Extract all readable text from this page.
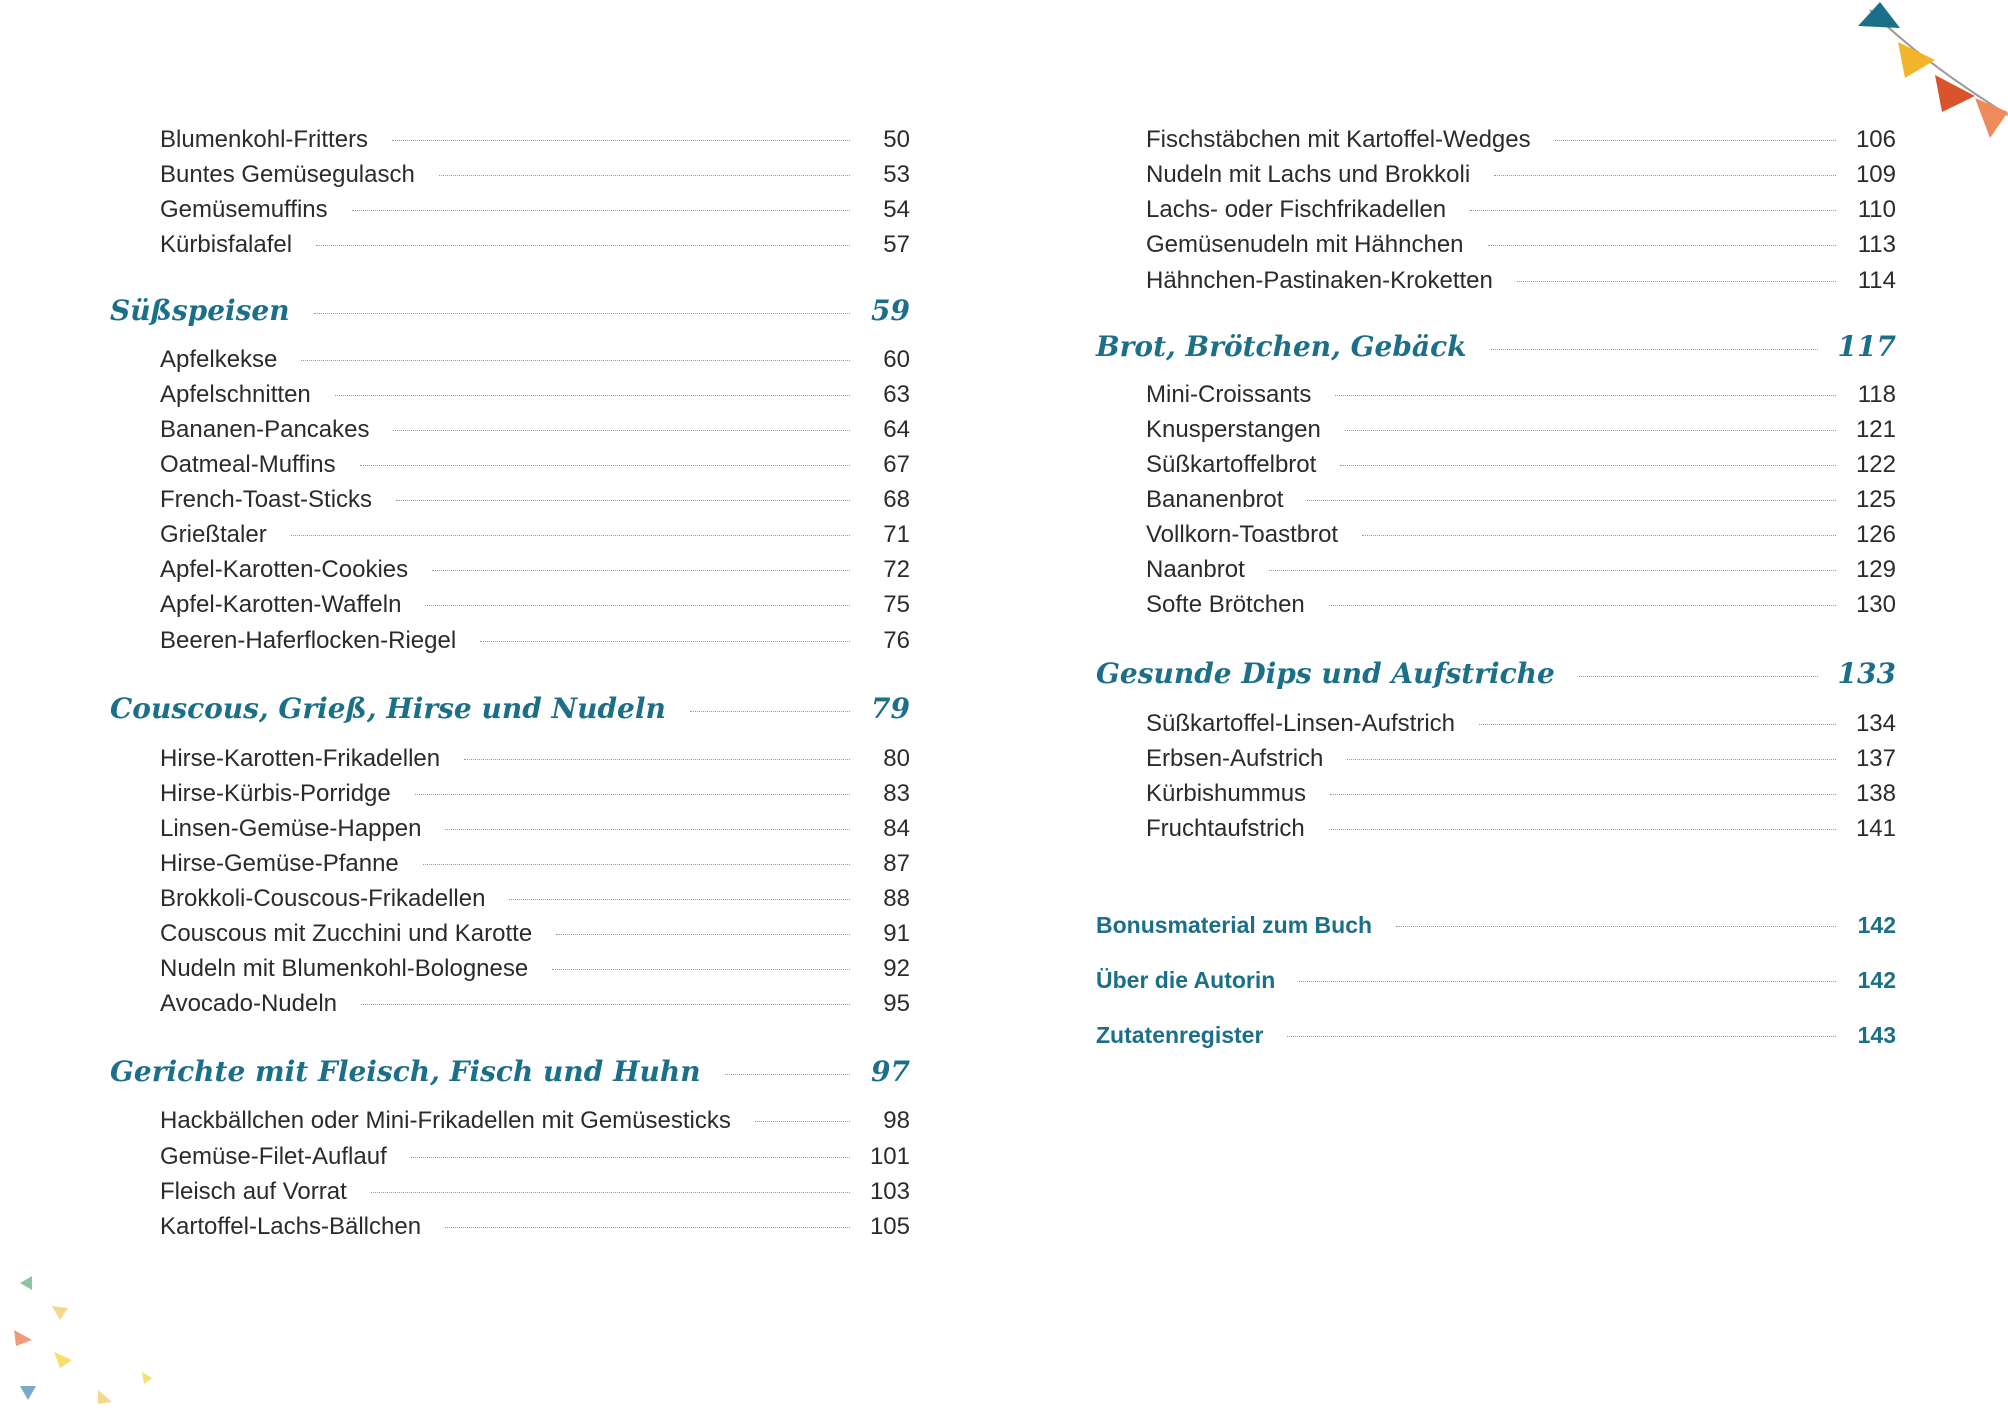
Blumenkohl-Fritters	50
Buntes Gemüsegulasch	53
Gemüsemuffins	54
Kürbisfalafel	57
Süßspeisen	59
Apfelkekse	60
Apfelschnitten	63
Bananen-Pancakes	64
Oatmeal-Muffins	67
French-Toast-Sticks	68
Grießtaler	71
Apfel-Karotten-Cookies	72
Apfel-Karotten-Waffeln	75
Beeren-Haferflocken-Riegel	76
Couscous, Grieß, Hirse und Nudeln	79
Hirse-Karotten-Frikadellen	80
Hirse-Kürbis-Porridge	83
Linsen-Gemüse-Happen	84
Hirse-Gemüse-Pfanne	87
Brokkoli-Couscous-Frikadellen	88
Couscous mit Zucchini und Karotte	91
Nudeln mit Blumenkohl-Bolognese	92
Avocado-Nudeln	95
Gerichte mit Fleisch, Fisch und Huhn	97
Hackbällchen oder Mini-Frikadellen mit Gemüsesticks	98
Gemüse-Filet-Auflauf	101
Fleisch auf Vorrat	103
Kartoffel-Lachs-Bällchen	105
Fischstäbchen mit Kartoffel-Wedges	106
Nudeln mit Lachs und Brokkoli	109
Lachs- oder Fischfrikadellen	110
Gemüsenudeln mit Hähnchen	113
Hähnchen-Pastinaken-Kroketten	114
Brot, Brötchen, Gebäck	117
Mini-Croissants	118
Knusperstangen	121
Süßkartoffelbrot	122
Bananenbrot	125
Vollkorn-Toastbrot	126
Naanbrot	129
Softe Brötchen	130
Gesunde Dips und Aufstriche	133
Süßkartoffel-Linsen-Aufstrich	134
Erbsen-Aufstrich	137
Kürbishummus	138
Fruchtaufstrich	141
Bonusmaterial zum Buch	142
Über die Autorin	142
Zutatenregister	143
